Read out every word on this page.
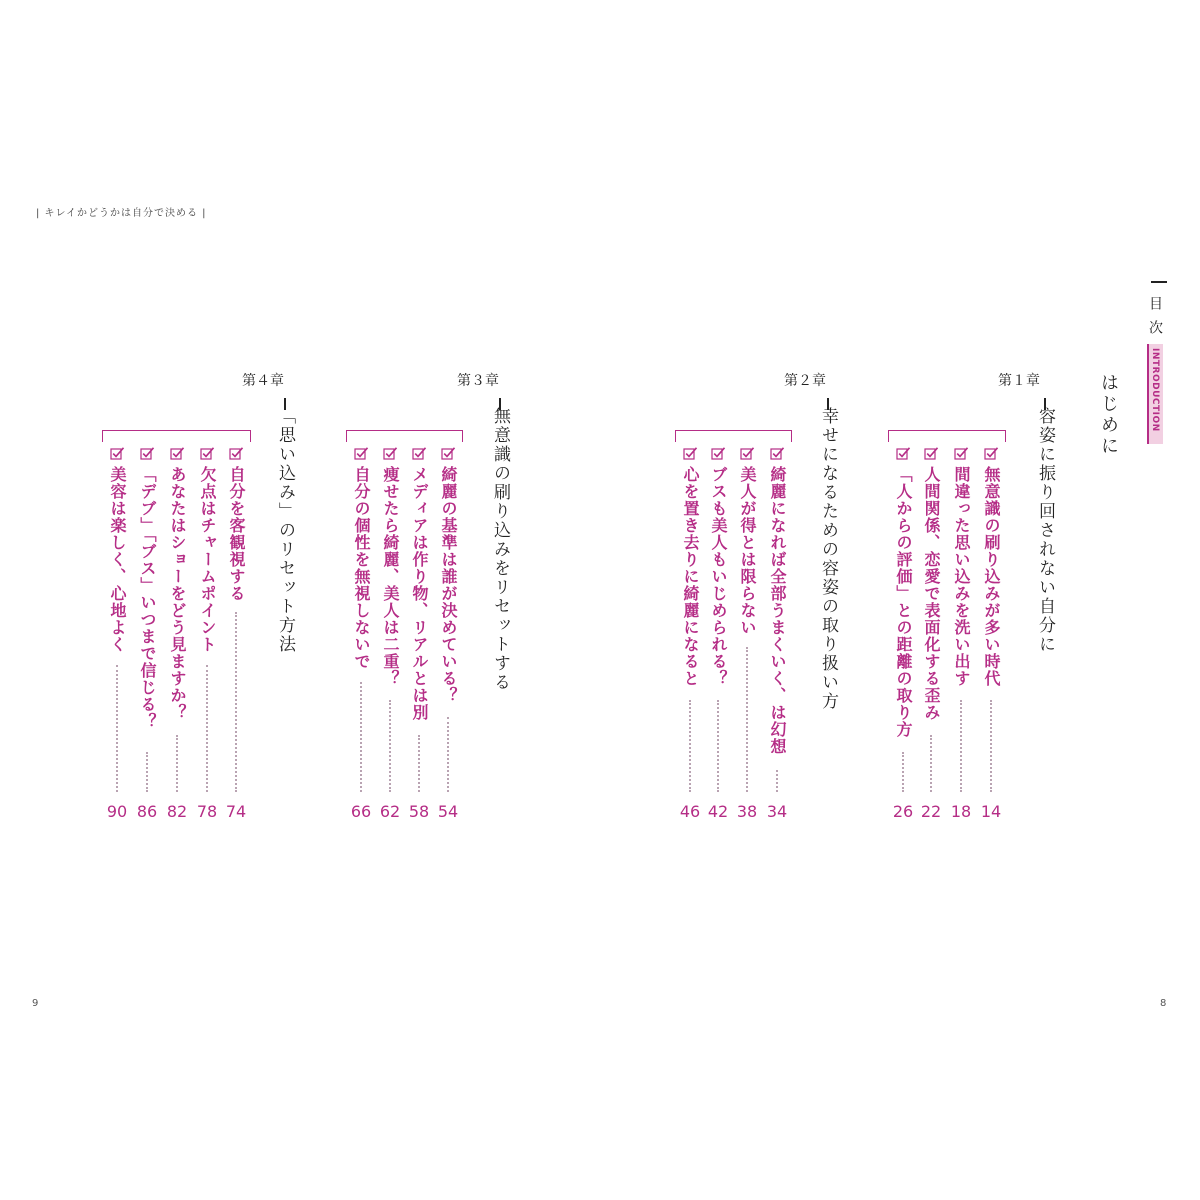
| キレイかどうかは自分で決める |
9	8
目次
INTRODUCTION
はじめに
第１章
容姿に振り回されない自分に
無意識の刷り込みが多い時代
14
間違った思い込みを洗い出す
18
人間関係、恋愛で表面化する歪み
22
「人からの評価」との距離の取り方
26
第２章
幸せになるための容姿の取り扱い方
綺麗になれば全部うまくいく、は幻想
34
美人が得とは限らない
38
ブスも美人もいじめられる？
42
心を置き去りに綺麗になると
46
第３章
無意識の刷り込みをリセットする
綺麗の基準は誰が決めている？
54
メディアは作り物、リアルとは別
58
痩せたら綺麗、美人は二重？
62
自分の個性を無視しないで
66
第４章
「思い込み」のリセット方法
自分を客観視する
74
欠点はチャームポイント
78
あなたはショーをどう見ますか？
82
「デブ」「ブス」いつまで信じる？
86
美容は楽しく、心地よく
90
